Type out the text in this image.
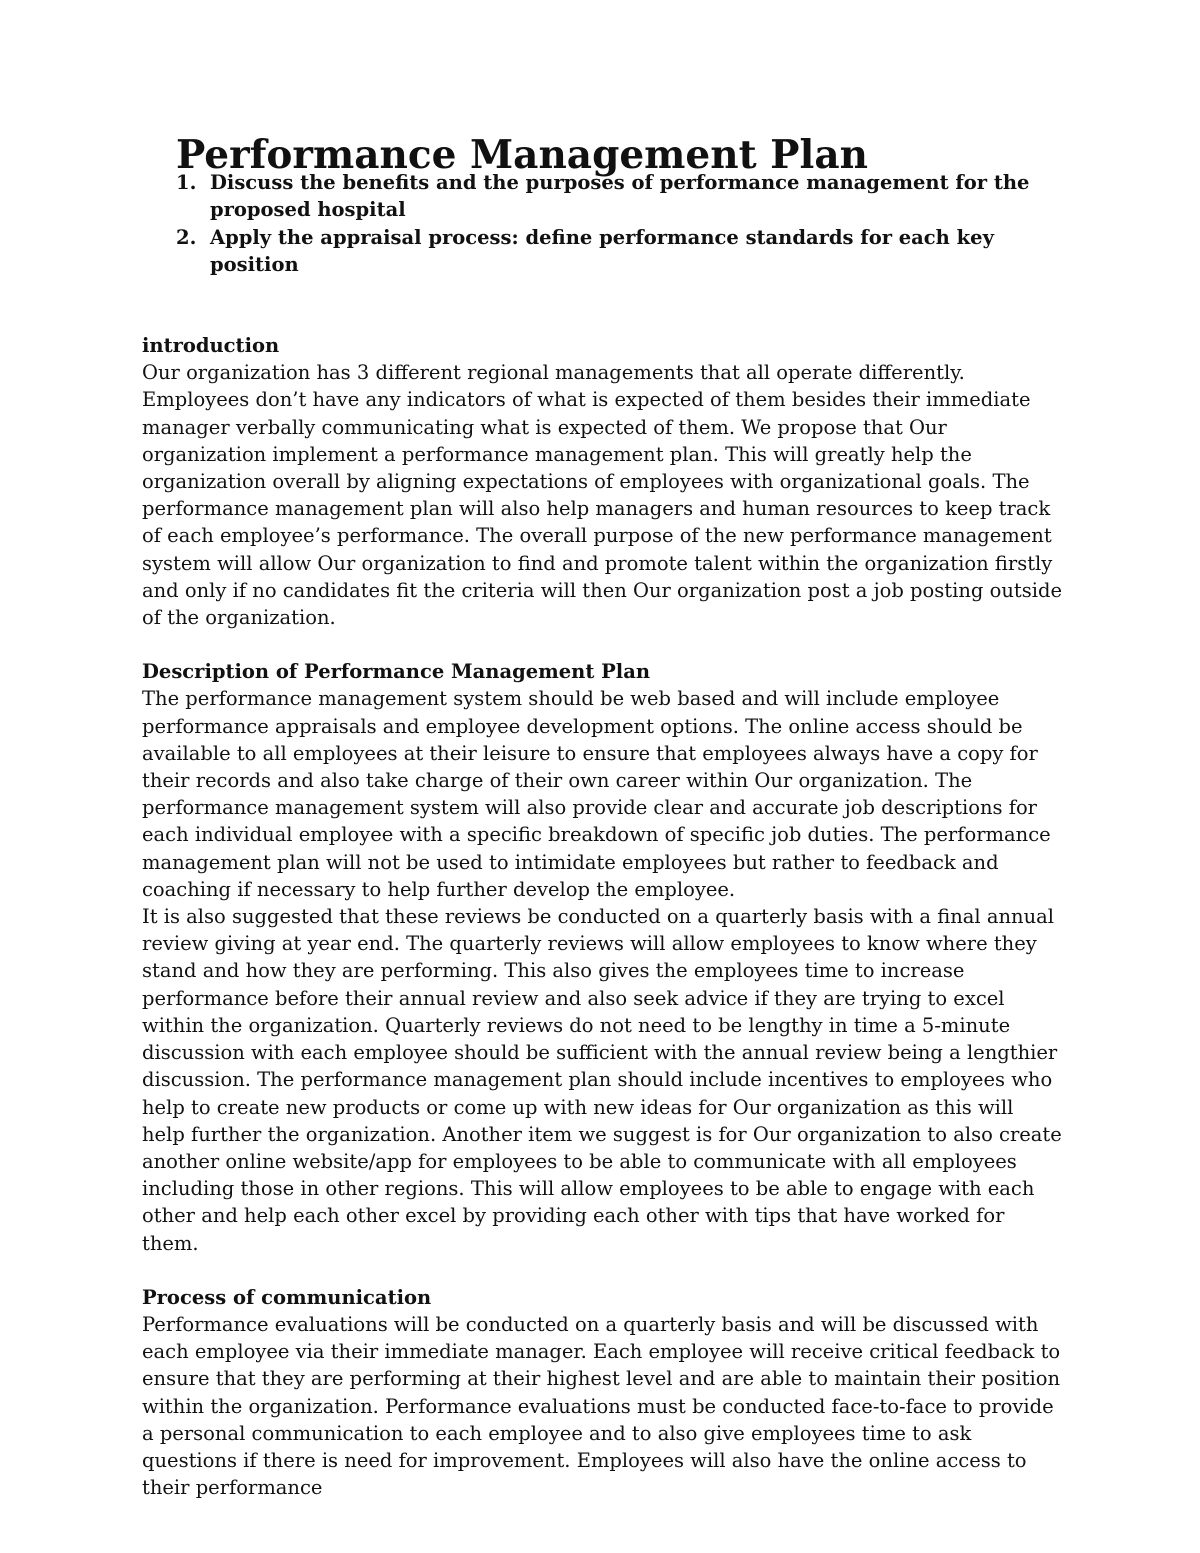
Performance Management Plan
1. Discuss the benefits and the purposes of performance management for the proposed hospital
2. Apply the appraisal process: define performance standards for each key position
introduction

Our organization has 3 different regional managements that all operate differently. Employees don’t have any indicators of what is expected of them besides their immediate manager verbally communicating what is expected of them. We propose that Our organization implement a performance management plan. This will greatly help the organization overall by aligning expectations of employees with organizational goals. The performance management plan will also help managers and human resources to keep track of each employee’s performance. The overall purpose of the new performance management system will allow Our organization to find and promote talent within the organization firstly and only if no candidates fit the criteria will then Our organization post a job posting outside of the organization.

Description of Performance Management Plan

The performance management system should be web based and will include employee performance appraisals and employee development options. The online access should be available to all employees at their leisure to ensure that employees always have a copy for their records and also take charge of their own career within Our organization. The performance management system will also provide clear and accurate job descriptions for each individual employee with a specific breakdown of specific job duties. The performance management plan will not be used to intimidate employees but rather to feedback and coaching if necessary to help further develop the employee.

It is also suggested that these reviews be conducted on a quarterly basis with a final annual review giving at year end. The quarterly reviews will allow employees to know where they stand and how they are performing. This also gives the employees time to increase performance before their annual review and also seek advice if they are trying to excel within the organization. Quarterly reviews do not need to be lengthy in time a 5-minute discussion with each employee should be sufficient with the annual review being a lengthier discussion. The performance management plan should include incentives to employees who help to create new products or come up with new ideas for Our organization as this will help further the organization. Another item we suggest is for Our organization to also create another online website/app for employees to be able to communicate with all employees including those in other regions. This will allow employees to be able to engage with each other and help each other excel by providing each other with tips that have worked for them.

Process of communication

Performance evaluations will be conducted on a quarterly basis and will be discussed with each employee via their immediate manager. Each employee will receive critical feedback to ensure that they are performing at their highest level and are able to maintain their position within the organization. Performance evaluations must be conducted face-to-face to provide a personal communication to each employee and to also give employees time to ask questions if there is need for improvement. Employees will also have the online access to their performance
